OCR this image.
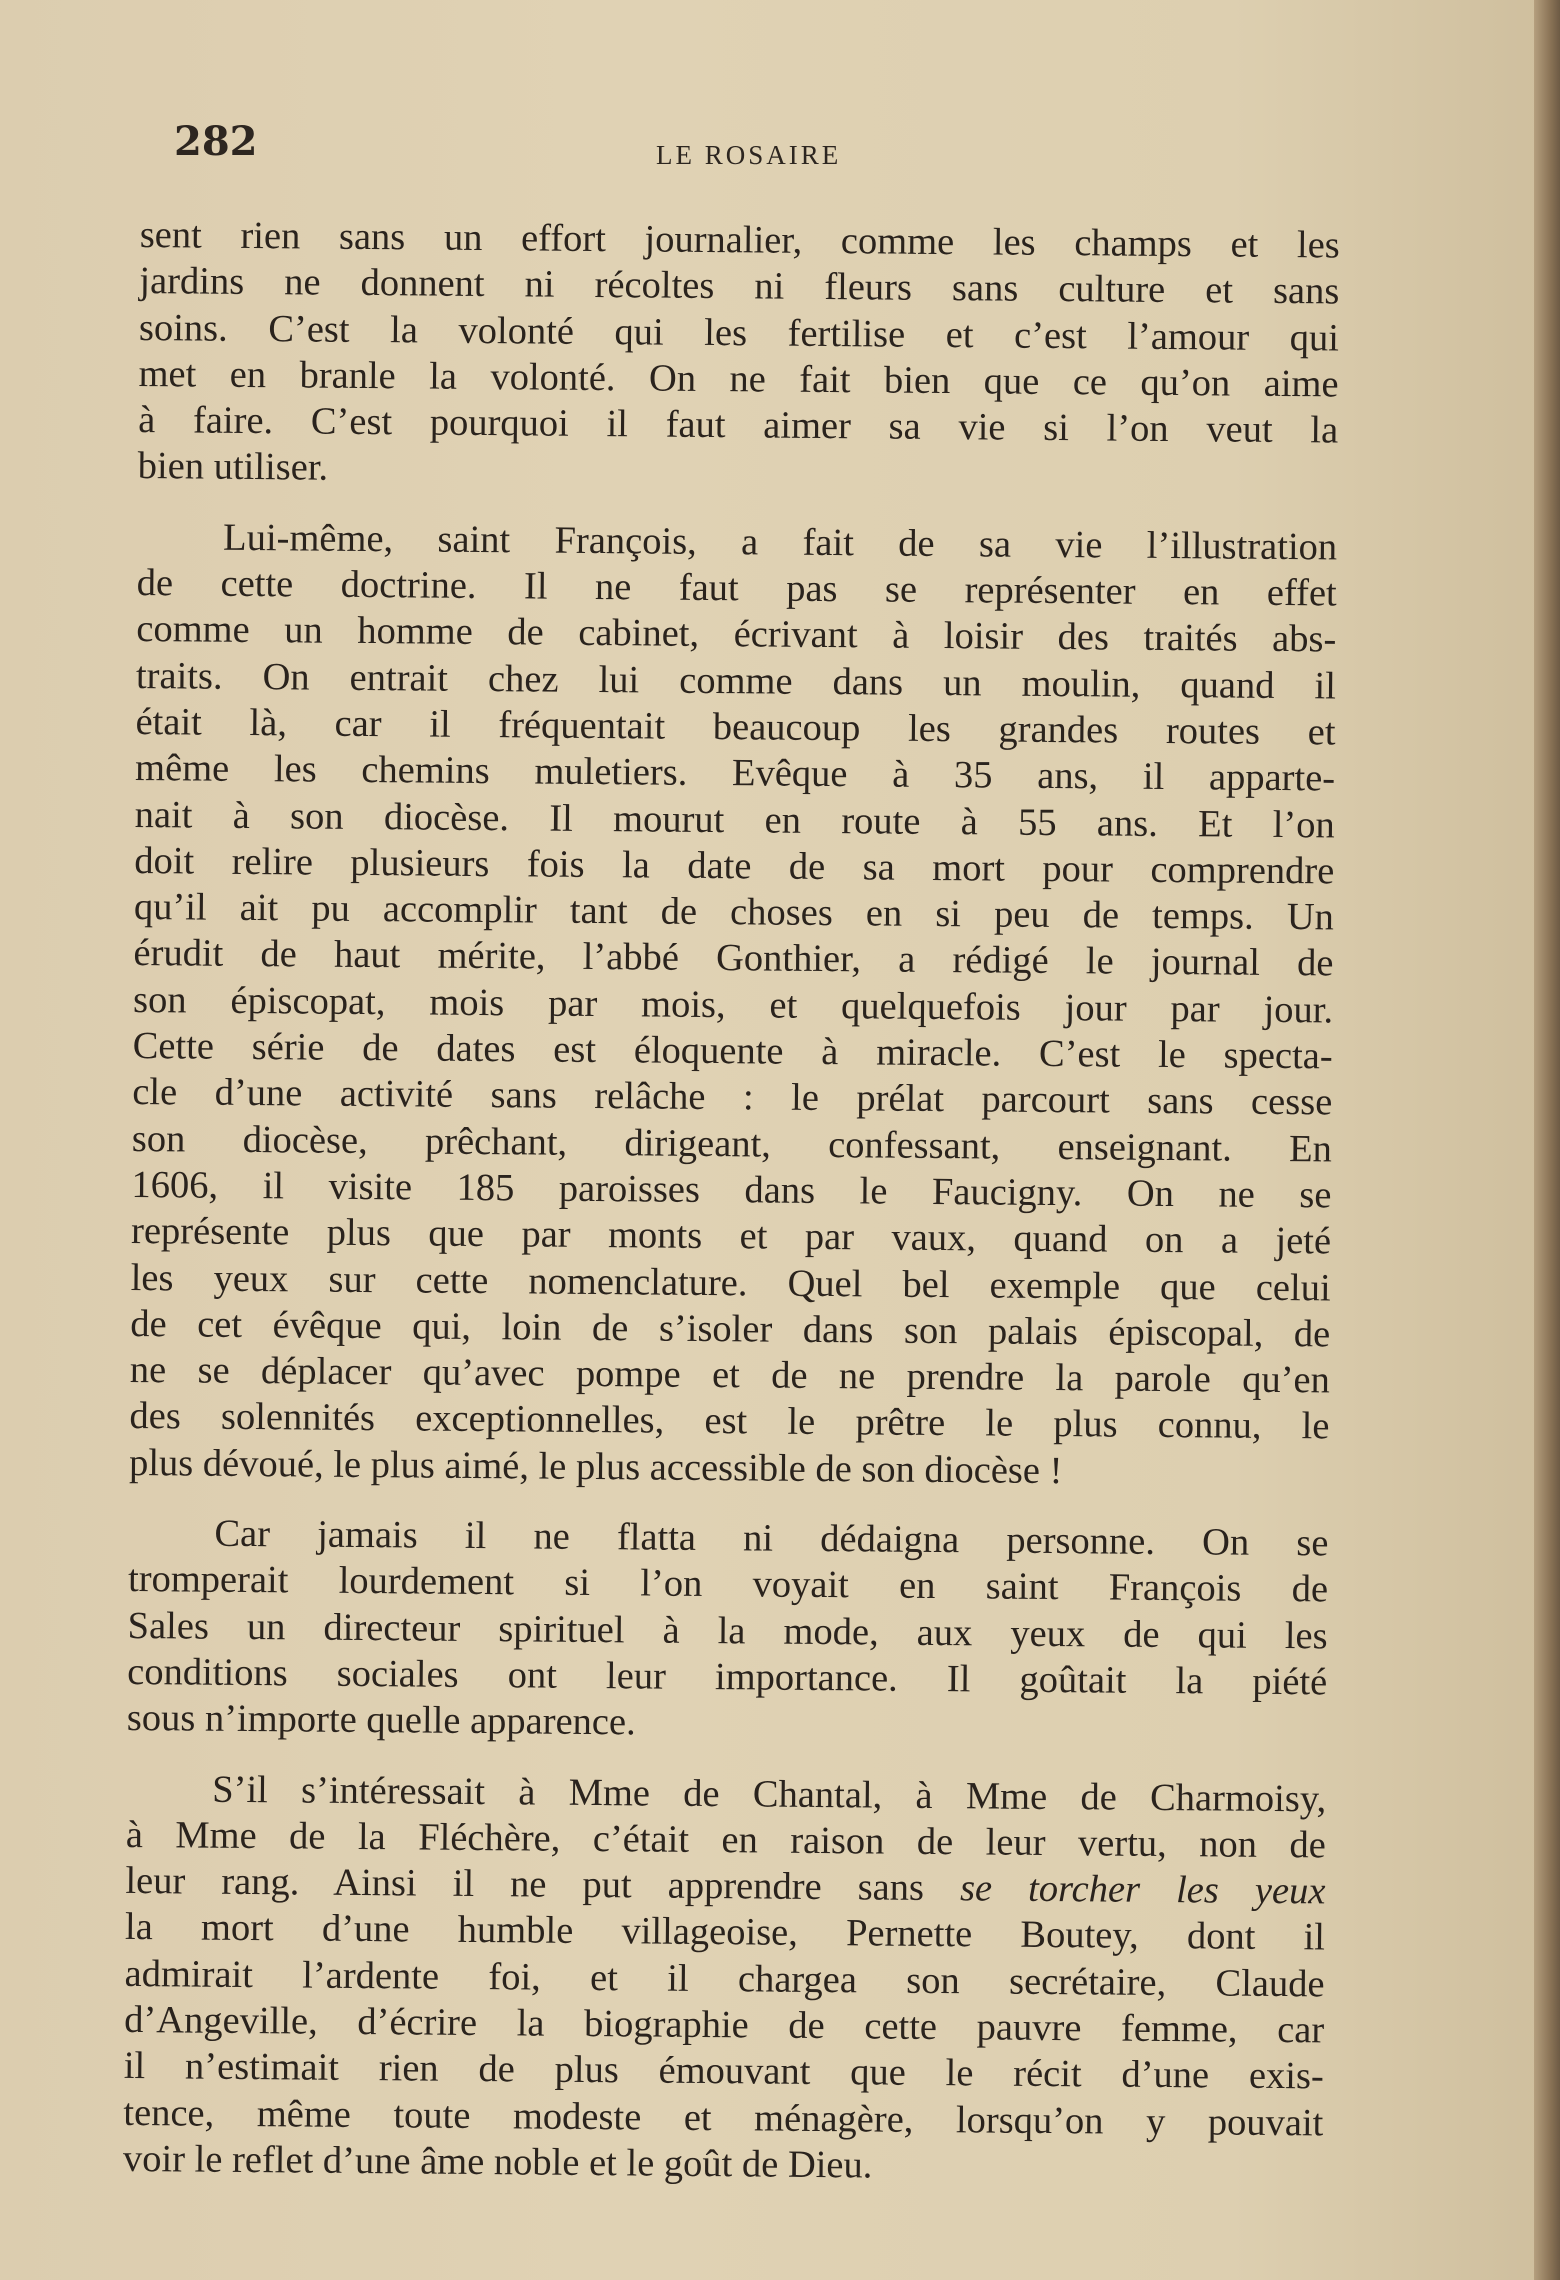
282	LE ROSAIRE
sent rien sans un effort journalier, comme les champs et les
jardins ne donnent ni récoltes ni fleurs sans culture et sans
soins. C’est la volonté qui les fertilise et c’est l’amour qui
met en branle la volonté. On ne fait bien que ce qu’on aime
à faire. C’est pourquoi il faut aimer sa vie si l’on veut la
bien utiliser.
Lui-même, saint François, a fait de sa vie l’illustration
de cette doctrine. Il ne faut pas se représenter en effet
comme un homme de cabinet, écrivant à loisir des traités abs-
traits. On entrait chez lui comme dans un moulin, quand il
était là, car il fréquentait beaucoup les grandes routes et
même les chemins muletiers. Evêque à 35 ans, il apparte-
nait à son diocèse. Il mourut en route à 55 ans. Et l’on
doit relire plusieurs fois la date de sa mort pour comprendre
qu’il ait pu accomplir tant de choses en si peu de temps. Un
érudit de haut mérite, l’abbé Gonthier, a rédigé le journal de
son épiscopat, mois par mois, et quelquefois jour par jour.
Cette série de dates est éloquente à miracle. C’est le specta-
cle d’une activité sans relâche : le prélat parcourt sans cesse
son diocèse, prêchant, dirigeant, confessant, enseignant. En
1606, il visite 185 paroisses dans le Faucigny. On ne se
représente plus que par monts et par vaux, quand on a jeté
les yeux sur cette nomenclature. Quel bel exemple que celui
de cet évêque qui, loin de s’isoler dans son palais épiscopal, de
ne se déplacer qu’avec pompe et de ne prendre la parole qu’en
des solennités exceptionnelles, est le prêtre le plus connu, le
plus dévoué, le plus aimé, le plus accessible de son diocèse !
Car jamais il ne flatta ni dédaigna personne. On se
tromperait lourdement si l’on voyait en saint François de
Sales un directeur spirituel à la mode, aux yeux de qui les
conditions sociales ont leur importance. Il goûtait la piété
sous n’importe quelle apparence.
S’il s’intéressait à Mme de Chantal, à Mme de Charmoisy,
à Mme de la Fléchère, c’était en raison de leur vertu, non de
leur rang. Ainsi il ne put apprendre sans se torcher les yeux
la mort d’une humble villageoise, Pernette Boutey, dont il
admirait l’ardente foi, et il chargea son secrétaire, Claude
d’Angeville, d’écrire la biographie de cette pauvre femme, car
il n’estimait rien de plus émouvant que le récit d’une exis-
tence, même toute modeste et ménagère, lorsqu’on y pouvait
voir le reflet d’une âme noble et le goût de Dieu.
